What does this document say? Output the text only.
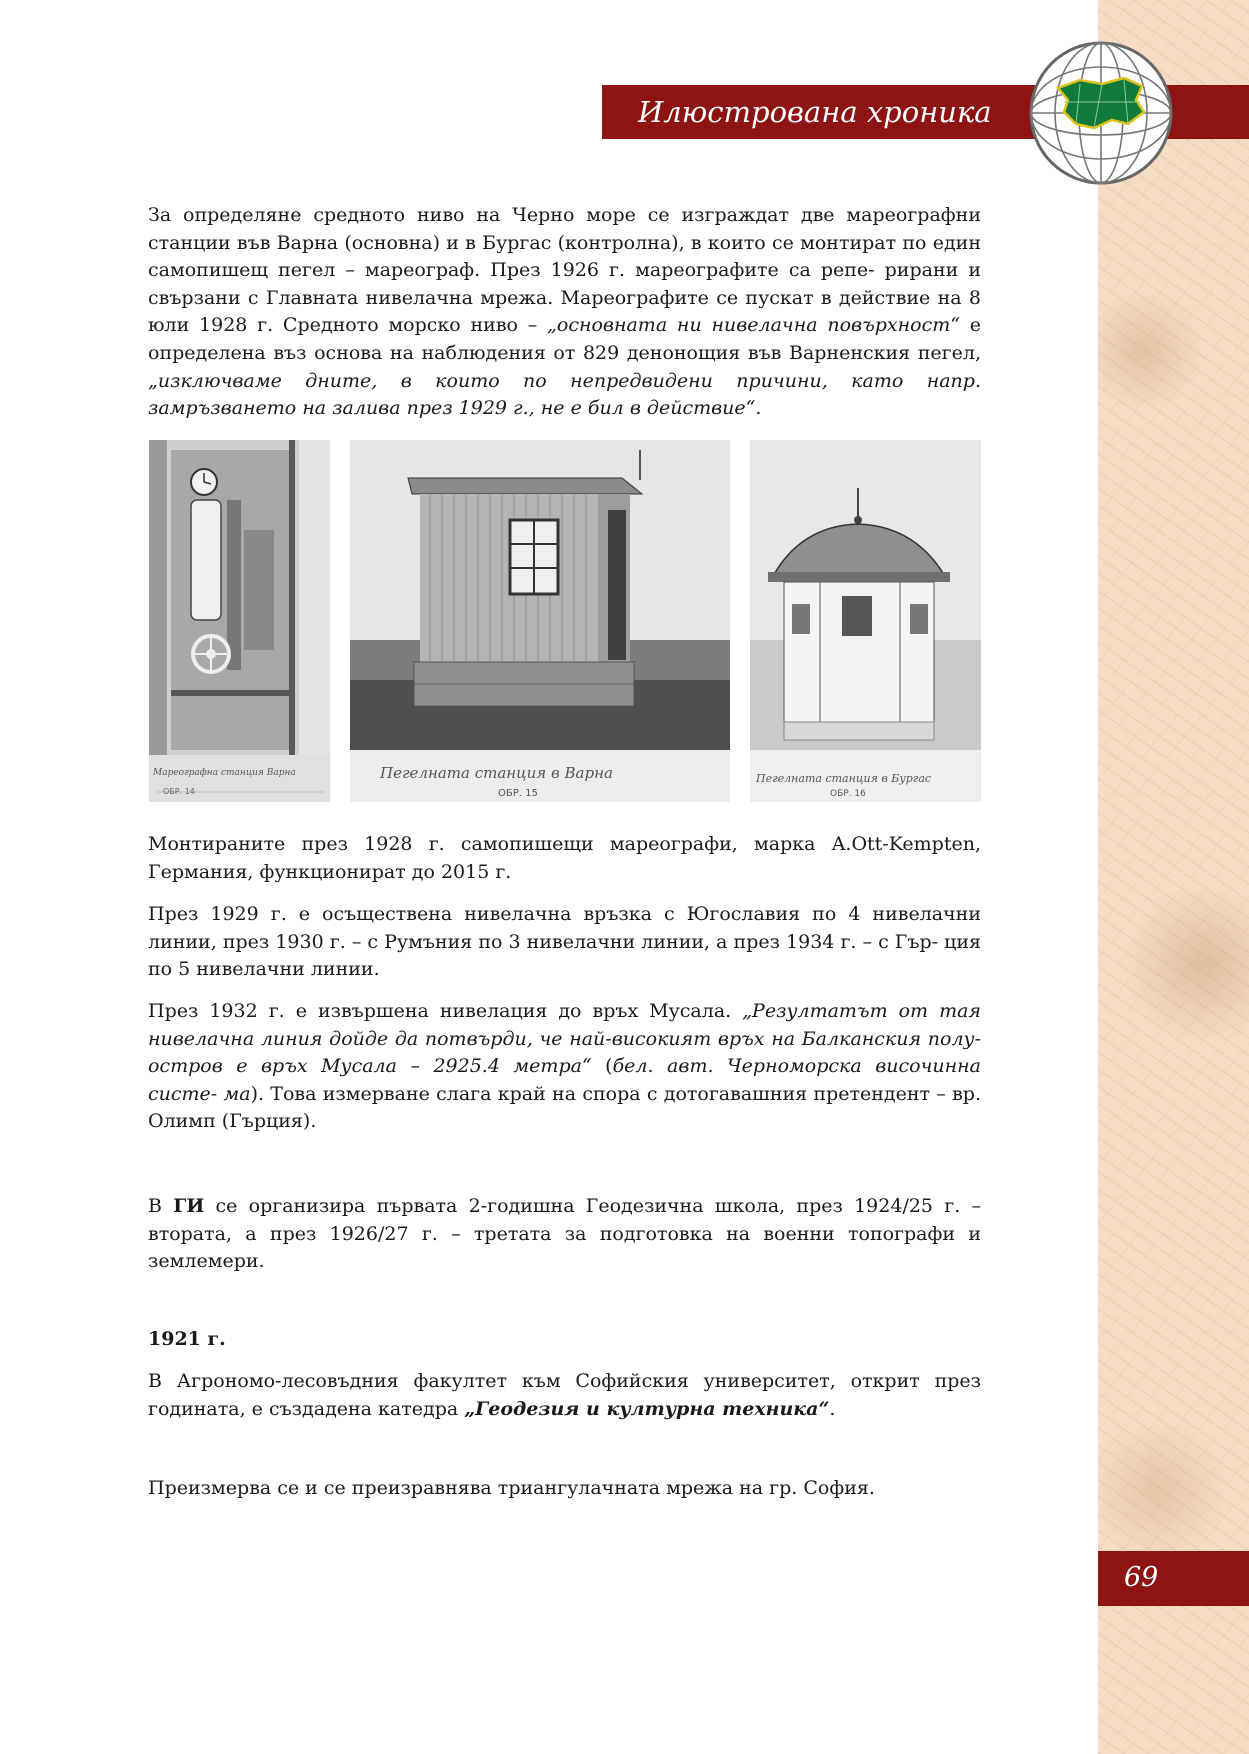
Илюстрована хроника

За определяне средното ниво на Черно море се изграждат две мареографни станции във Варна (основна) и в Бургас (контролна), в които се монтират по един самопишещ пегел – мареограф. През 1926 г. мареографите са репе- рирани и свързани с Главната нивелачна мрежа. Мареографите се пускат в действие на 8 юли 1928 г. Средното морско ниво – „основната ни нивелачна повърхност“ е определена въз основа на наблюдения от 829 денонощия във Варненския пегел, „изключваме дните, в които по непредвидени причини, като напр. замръзването на залива през 1929 г., не е бил в действие“.

Мареографна станция Варна
ОБР. 14
Пегелната станция в Варна
ОБР. 15
Пегелната станция в Бургас
ОБР. 16

Монтираните през 1928 г. самопишещи мареографи, марка A.Ott-Kempten, Германия, функционират до 2015 г.

През 1929 г. е осъществена нивелачна връзка с Югославия по 4 нивелачни линии, през 1930 г. – с Румъния по 3 нивелачни линии, а през 1934 г. – с Гър- ция по 5 нивелачни линии.

През 1932 г. е извършена нивелация до връх Мусала. „Резултатът от тая нивелачна линия дойде да потвърди, че най-високият връх на Балканския полу- остров е връх Мусала – 2925.4 метра“ (бел. авт. Черноморска височинна систе- ма). Това измерване слага край на спора с дотогавашния претендент – вр. Олимп (Гърция).

В ГИ се организира първата 2-годишна Геодезична школа, през 1924/25 г. – втората, а през 1926/27 г. – третата за подготовка на военни топографи и землемери.

1921 г.

В Агрономо-лесовъдния факултет към Софийския университет, открит през годината, е създадена катедра „Геодезия и културна техника“.

Преизмерва се и се преизравнява триангулачната мрежа на гр. София.

69
